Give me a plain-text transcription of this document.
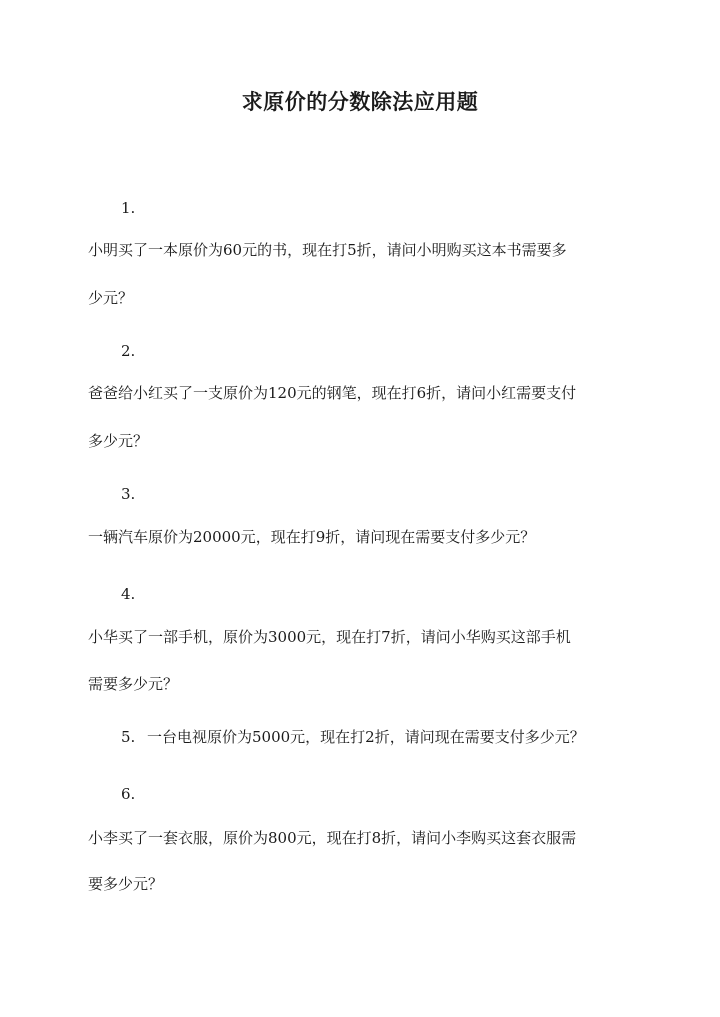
求原价的分数除法应用题
1.
小明买了一本原价为60元的书，现在打5折，请问小明购买这本书需要多
少元？
2.
爸爸给小红买了一支原价为120元的钢笔，现在打6折，请问小红需要支付
多少元？
3.
一辆汽车原价为20000元，现在打9折，请问现在需要支付多少元？
4.
小华买了一部手机，原价为3000元，现在打7折，请问小华购买这部手机
需要多少元？
5. 一台电视原价为5000元，现在打2折，请问现在需要支付多少元？
6.
小李买了一套衣服，原价为800元，现在打8折，请问小李购买这套衣服需
要多少元？
